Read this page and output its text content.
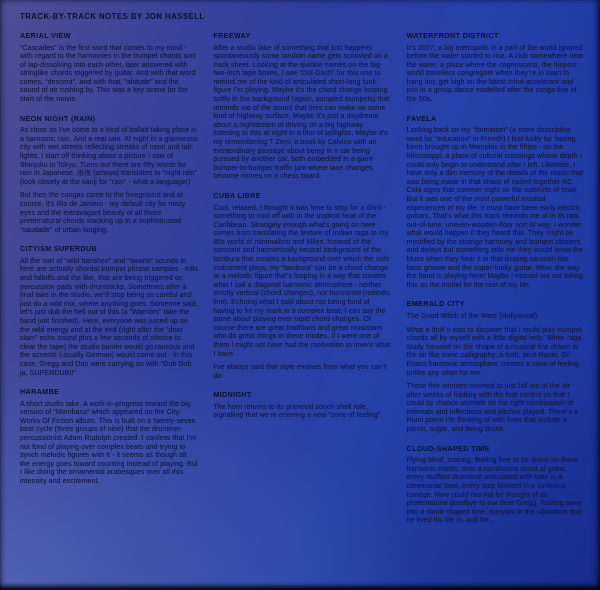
TRACK-BY-TRACK NOTES BY JON HASSELL
AERIAL VIEW

“Cascades” is the first word that comes to my mind - with regard to the harmonies in the trumpet chords sort of lap-dissolving into each other, later answered with stringlike chords triggered by guitar. And with that word comes, “descent”, and with that, “altitude” and the sound of air rushing by. This was a key scene for the start of the movie.

NEON NIGHT (RAIN)

As close as I’ve come to a kind of ballad taking place in a harmonic rain. And a real rain. At night in a glamorous city with wet streets reflecting streaks of neon and tail-lights. I start off thinking about a picture I saw of Shinjuku in Tokyo. Turns out there are fifty words for rain in Japanese. 雨夜 [amaya] translates to “night rain” (look closely at the kanji for “rain” - what a language!)

But then the congas come to the foreground and of course, it’s Rio de Janiero - my default city for misty eyes and the extravagant beauty of all those preternatural chords stacking up in a sophisticated “saudade” of urban longing.

CITYISM SUPERDUB

All the sort of “wild banshee” and “swarm” sounds in here are actually chordal trumpet phrase samples - trills and falloffs and the like, that are being triggered on percussion pads with drumsticks. Sometimes after a final take in the studio, we’d stop being so careful and just do a wild mix, where anything goes. Someone said, let’s just dub the hell out of this (a “Warriors” take the band just finished). Here, everyone was juiced up on the wild energy and at the end (right after the “door slam” echo sound plus a few seconds of silence to clear the tape) the studio banter would go raucous and the accents (usually German) would come out - in this case, Gregg and Dan were carrying on with “Dub Dub ja, SUPERDUB!!”

HARAMBE

A short studio take. A work-in-progress toward the big version of “Mombasa” which appeared on the City: Works Of Fiction album. This is built on a twenty-seven beat cycle (three groups of nine) that the drummer-percussionist Adam Rudolph created. I confess that I’m not fond of playing over complex beats and trying to synch melodic figures with it - it seems as though all the energy goes toward counting instead of playing. But I like doing the ornamental arabesques over all this intensity and excitement.

FREEWAY

After a studio take of something that just happens spontaneously some random name gets scrawled on a track sheet. Looking at the quickie names on the big two-inch tape boxes, I see “Dot-Dash” for this one to remind me of the kind of articulated short-long funk figure I’m playing. Maybe it’s the chord change looping softly in the background (again, sampled trumpets) that reminds me of the sound that tires can make on some kind of highway surface. Maybe it’s just a daydream about a nightdream of driving on a big highway listening to this at night in a blur of taillights. Maybe it’s my remembering T Zero, a book by Calvino with an extraordinary passage about being in a car being pursued by another car, both embedded in a giant bumper-to-bumper traffic jam where lane changes become moves on a chess board.

CUBA LIBRE

Cool, relaxed. I thought it was time to stop for a drink - something to cool off with in the tropical heat of the Caribbean. Strangely enough what’s going on here comes from translating the texture of Indian raga to my 80s world of minimalism and Miles. Instead of the constant and harmonically neutral background of the tambura that creates a background over which the solo instrument plays, my “tambura” can be a chord change or a melodic figure that’s looping in a way that creates what I call a diagonal harmonic atmosphere - neither strictly vertical (chord changes), nor horizontal (melodic line). Echoing what I said about not being fond of having to hit my mark in a complex beat, I can say the same about playing over rapid chord changes. Of course there are great traditions and great musicians who do great things in these modes. If I were one of them I might not have had the motivation to invent what I have.

I’ve always said that style evolves from what you can’t do.

MIDNIGHT

The horn returns to its primeval conch shell role, signalling that we’re entering a new “zone of feeling”.

WATERFRONT DISTRICT

It’s 2027, a big metropolis in a part of the world ignored before the water started to rise. A club somewhere near the water, a place where the cognoscenti, the hippest world travellers congregate when they’re in town to hang out, get high on the latest mind-accelerant and join in a group dance modelled after the conga line of the 50s.

FAVELA

Looking back on my “formation” (a more descriptive word for “education” in French) I feel lucky for having been brought up in Memphis in the fifties - on the Mississippi, a place of cultural crossings whose depth I could only begin to understand after I left. Likewise, I have only a dim memory of the details of the music that was being made in that shack of nailed-together RC Cola signs that summer night on the outskirts of town. But it was one of the most powerful musical experiences of my life. It must have been early electric guitars. That’s what this track reminds me of in its raw, out-of-tune, uneven-wooden-floor sort of way. I wonder what would happen if they heard this. They might be mystified by the strange harmony and trumpet clusters and delays but something tells me they would know the blues when they hear it in that limping caravan-like bass groove and the super-funky guitar. Wow, the way the band is playing here! Maybe I missed out not taking this as the model for the rest of my life.

EMERALD CITY

The Good Witch of the West (Hollywood).

What a thrill it was to discover that I could play trumpet chords all by myself with a little digital help. While raga study focused on the shape of a musical line drawn in the air like sonic calligraphy; a lush, post-Ravel, Gil Evans harmonic atmosphere creates a zone of feeling unlike any other for me.

These five minutes seemed to just fall out of the air after weeks of fiddling with the foot control so that I could by chance stumble on the right combination of intervals and inflections and pitches played. There’s a Rumi poem I’m thinking of with lines that include a parrot, sugar, and being drunk.

CLOUD-SHAPED TIME

Flying blind, soaring, feeling free to be drunk on these harmonic motifs, over a noctilucent cloud of guitar, every muffled drumbeat articulated with care in a ceremonial beat, every step forward in a luminous cortège. How could this not be thought of as preternatural goodbye to our dear Gregg, floating away into a cloud-shaped time, buoyant in the vibrations that he lived his life in, and for...
